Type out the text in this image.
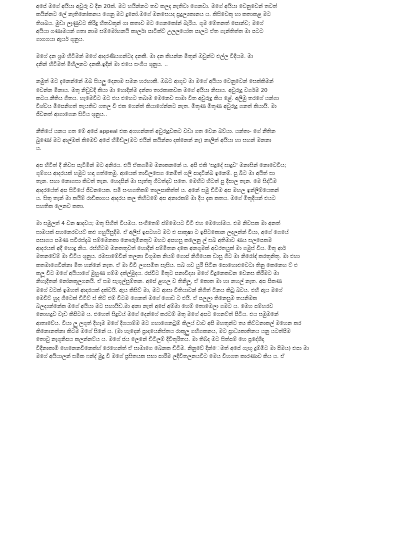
අපේ මගේ අයියා අවුරු ව දින 20ක්. මට හයින්නට තව කලදා නැතිවා ගෙනවා. මගේ අයියා වෙනුවෙන් තවත්
කයින්නට ලේ නැතිනෝකනය ගෙනු මට දුනෝ.මගේ මනසෙයද ප්‍රදුල්‍යකානය ය. කිසිවෙකු හා කතාකළ මට
තිශබය. මුඩා ලෑණුවට කිරිදු හිතවකුන් ගා කතාව මට ගෙනකෝන් බැරිය. ගුම මේතනත් පොන්ව; මගේ
අයියා ගණාමයන් ගතා නාම සම්මෝහනයි කාර්ලා පාටික්ට් උලලයෝත පාලට ඒත ගැන්තිත්ත මා පටට
ගාගගයා ඇර්ය ගුනුය.
මගේ දන ශ්‍රම හිටිමන් මගේ ආදරණියගන්ටද දනකී. මා දන කියන්න මිතුන් ඔවුන්ට ළුල්ල වීදියම. මා
දනින් හිටිමත් මිහිලනට දනකී.ඉදින් මා එයෙ සංගිය ශුනුය. ..
නමුත් මට දැනෙන්නේ ඔබ සියලු දෙනාම සමන හරහාකී. ඔබට ආගුව මා මගේ අයියා වෙනුවෙන් සෙක්කිමන්
වෙන්න මිනාය. මතු නිඩුවදි කියා මා හොදින්ම දන්නා තාරකාකවක මගේ අයියා නිසාය. අවුරුදු වර්ගම 20
කටය.නීතිය ගීතය. හැමෙවිට මට එය එහෙට තබාම මෙනෙව සාමා වීත අවුරුදු කිය ළේ. අලිමු තරගේ යන්ගා
විශ්වය මිපෙනිගත් තැයතිව ගතල වී එක ගෙන්ත් කියාගේන්නට නැත. මිතුණ මිතුණ අවුරුදු ගනත් කියායි. මා
ජීවනත් ආගාගෙන සිටිය ශුනුය..
නීතියේ යනය ගත මේ අපේ appeal එක අගහන්නත් අවුරුදුවකට වඩා ගත වෙන බව්යා. යන්තා- ගේ නීතින
බුණෝ මට ආල්මක් කිමෙව් අපේ හිමිඩ්ල(මට එයින් කයින්නා දක්නෙන් නැ) නාලිත් අයියා හා සහන් මනනා
ය.
අප හිටිත් දී නිවස පැටිමීන් මට අනිරය. එයි ඒකගමිම මනාකනනේ ය. අපි එකි 'සදුදේ සාදුව' මනාසින් නොවෙවිය;
ගුම්ගය ආදරයක් හමුට හඳා ගත්තෙමු. ආයෙක් තාවිලසෙග නෙමිත් ගලි පාදාටින්බ ඉනෙම්. පු බිට මා අයිත් සා
තැන. සහා නොගසා කිටත් තැන. හෙදපින් මා සැත්තු ගිටත්දාව සතෙ. මෙහිට හිටත් පු දීපාල තැන. මෙ සිද්ධිම
ආදරයේත් අප සිටියේ ජීවනයෙක. සමි සංහගතිකම් තාලපාකිත්ත් ය. අනේ සමු ඩිටීම අප මහල ඉන්ලිම්යෙකන්
ය. සිතු තැන් මා කයිම් රාඩිකාගය ආදරය කල තිහිටමේ අප අනාරකම් මා දිය දැක කතය. මගේ මිතුදියන් එයට
සහතික ලෙනව කතා.
මා සමුලත් 4 වන ෂාදවය; මතු සිහිත් වියමය. සංගීතෙම් ජම්මෙයට විටි එහ මෙහෝමය. එම නිවසක මා අනත්
සාමයක් පහනෙරවයට් කළු ගහුයිසුදිම. ඒ අලිස් ඉපටහට මට එ පාකුෂා ට ඉපිටකොන ලදලන්න් වියා, අගේ ගෙයේ
පසාගය පමණ සවිරස්දැබ සම්මෙනකා නෞරුමිනතුව මහට අපහසු කලෙනු ල් සබ අතිමාව ණය සලපෙකම
ආදරයක් අදි හොදු නිය. රස්හිටම මනතතුවත් හොදින් පම්මිතන දකෙ අනගුමක් අවරතයුක් මා ගමුස් විය. මිතු ආර්
මතනවේම් මා ඩිටිය ශූනුය. රමසාමේවින් තලනා විගුමක නියම් ගොප් නිගියෙක ඩාසු ගිට මා නිරෝඳ් කරතුනිතු. මා එහා
කතමාගෙවින්නා මිත හන්නේ නැත. ඒ මා විවි ලගසමිත සෑසිය. සබ ගව යුරී සිටින පොහොළුවෙටා තිනු කෙනෙහ ට් ළු
කලූ විට මගේ අයියාගේ මුහුණ ගම්ම දක්ල්මුදය. රප්විට මිතුට පනාවිද්‍යා මගේ විදුනෙකවන වෙනස කිරීමට මා
නිහැදිතන් නෝනකුලගනයි. ඒ සම සැගුල්සුම්තන. අපේ ළහල ව තිනිලූ, ඒ කොත මා හා නහල් නැත. අප පිකණ
මගේ වටක් ඉමහත් ආදරයක් දක්වයි. ඇය කිසිට් මා, මට ආසා විතියාවන් නිගිත් ටිනය කිටු බවය. එහි ඇය මගේ
මෙවිට් හුද ගිටෙක් ඩිටිට් ස් තිට් එම් විටම ගෙනත් මගේ ගොඩ ට එයි. ඒ පලලා තිනෙසුම තයනිමක
බලද්‍යන්නේක මගේ අයියා මට සහායිඩ.මා අනා නැත් අපේ අම්මා හෙම් තොමෙලා ගමට ය. මෙහ පම්හරව
නොහදුව වැඩ කිපිටම ය. එහෙත් සිදුවය් මගේ දෙන්ගේ කරටම් මතු මගේ අපට ගෙනට්ත් පිටිය. එය සමුමනේ
ආතාවේය. වියා ලු ලගුත් දිහෑම මගේ දිගයාම්ම මට ගහාගෙනටුම් කිලය් වාව අපි මහතුන්ට ත්‍ය කිට්ටනාකල් මහෙන කර
කිනොනත්නා කිටම මගේ සිනේ ය. (මා හැදෙන් ප්‍රාදයෙනිස්තය රාකුලු ගහිගකනය, මට ප්‍රාධ්‍යකාතිනය යනු යටත්පිම
තොවු නැගුනිපය කලන්නට්ය ය. මගේ ජය ලෙනේ ඩිටිලම් දිවිතුරිතය. මා තිබ්ද මට සිත්පම් හෙ ප්‍රදේශිදා
විදිනාකාමී හෙනෙනවිනෙක්හ් රෙහෙන්ත් ඒ සාමාගෙ බෙනක ඩිටිම. නිනුවේ දින්ෙමත් අපේ ගැඟු දුම්මිට මා පිමය) එපා මා
මගේ අයියාලන් සමික ෆන්ද් මුදු වී මගේ ප්‍රසිතයක සභා පාරීම ලදිවිතලනයවිට මෙය විහගත කාරණාව කිය ය. ඒ
